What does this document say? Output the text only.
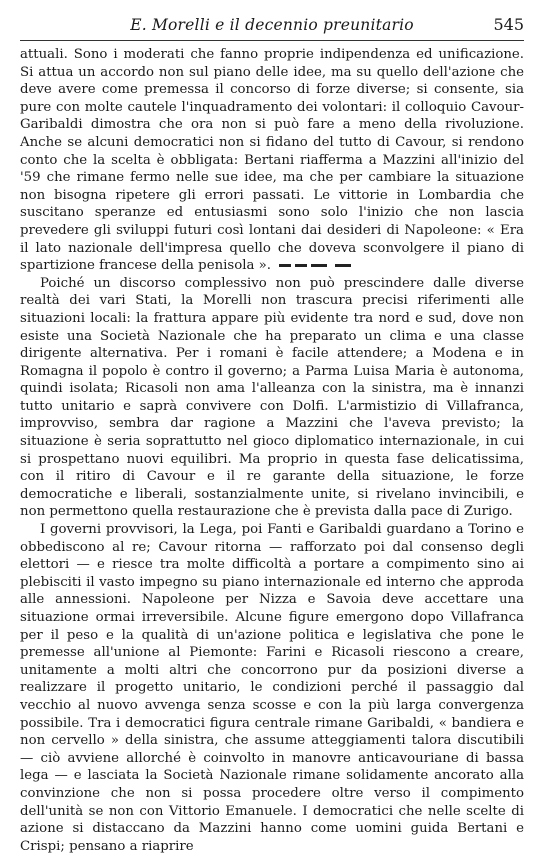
E. Morelli e il decennio preunitario	545

attuali. Sono i moderati che fanno proprie indipendenza ed unificazione. Si attua un accordo non sul piano delle idee, ma su quello dell'azione che deve avere come premessa il concorso di forze diverse; si consente, sia pure con molte cautele l'inquadramento dei volontari: il colloquio Cavour-Garibaldi dimostra che ora non si può fare a meno della rivoluzione. Anche se alcuni democratici non si fidano del tutto di Cavour, si rendono conto che la scelta è obbligata: Bertani riafferma a Mazzini all'inizio del '59 che rimane fermo nelle sue idee, ma che per cambiare la situazione non bisogna ripetere gli errori passati. Le vittorie in Lombardia che suscitano speranze ed entusiasmi sono solo l'inizio che non lascia prevedere gli sviluppi futuri così lontani dai desideri di Napoleone: « Era il lato nazionale dell'impresa quello che doveva sconvolgere il piano di spartizione francese della penisola ».

Poiché un discorso complessivo non può prescindere dalle diverse realtà dei vari Stati, la Morelli non trascura precisi riferimenti alle situazioni locali: la frattura appare più evidente tra nord e sud, dove non esiste una Società Nazionale che ha preparato un clima e una classe dirigente alternativa. Per i romani è facile attendere; a Modena e in Romagna il popolo è contro il governo; a Parma Luisa Maria è autonoma, quindi isolata; Ricasoli non ama l'alleanza con la sinistra, ma è innanzi tutto unitario e saprà convivere con Dolfi. L'armistizio di Villafranca, improvviso, sembra dar ragione a Mazzini che l'aveva previsto; la situazione è seria soprattutto nel gioco diplomatico internazionale, in cui si prospettano nuovi equilibri. Ma proprio in questa fase delicatissima, con il ritiro di Cavour e il re garante della situazione, le forze democratiche e liberali, sostanzialmente unite, si rivelano invincibili, e non permettono quella restaurazione che è prevista dalla pace di Zurigo.

I governi provvisori, la Lega, poi Fanti e Garibaldi guardano a Torino e obbediscono al re; Cavour ritorna — rafforzato poi dal consenso degli elettori — e riesce tra molte difficoltà a portare a compimento sino ai plebisciti il vasto impegno su piano internazionale ed interno che approda alle annessioni. Napoleone per Nizza e Savoia deve accettare una situazione ormai irreversibile. Alcune figure emergono dopo Villafranca per il peso e la qualità di un'azione politica e legislativa che pone le premesse all'unione al Piemonte: Farini e Ricasoli riescono a creare, unitamente a molti altri che concorrono pur da posizioni diverse a realizzare il progetto unitario, le condizioni perché il passaggio dal vecchio al nuovo avvenga senza scosse e con la più larga convergenza possibile. Tra i democratici figura centrale rimane Garibaldi, « bandiera e non cervello » della sinistra, che assume atteggiamenti talora discutibili — ciò avviene allorché è coinvolto in manovre anticavouriane di bassa lega — e lasciata la Società Nazionale rimane solidamente ancorato alla convinzione che non si possa procedere oltre verso il compimento dell'unità se non con Vittorio Emanuele. I democratici che nelle scelte di azione si distaccano da Mazzini hanno come uomini guida Bertani e Crispi; pensano a riaprire
